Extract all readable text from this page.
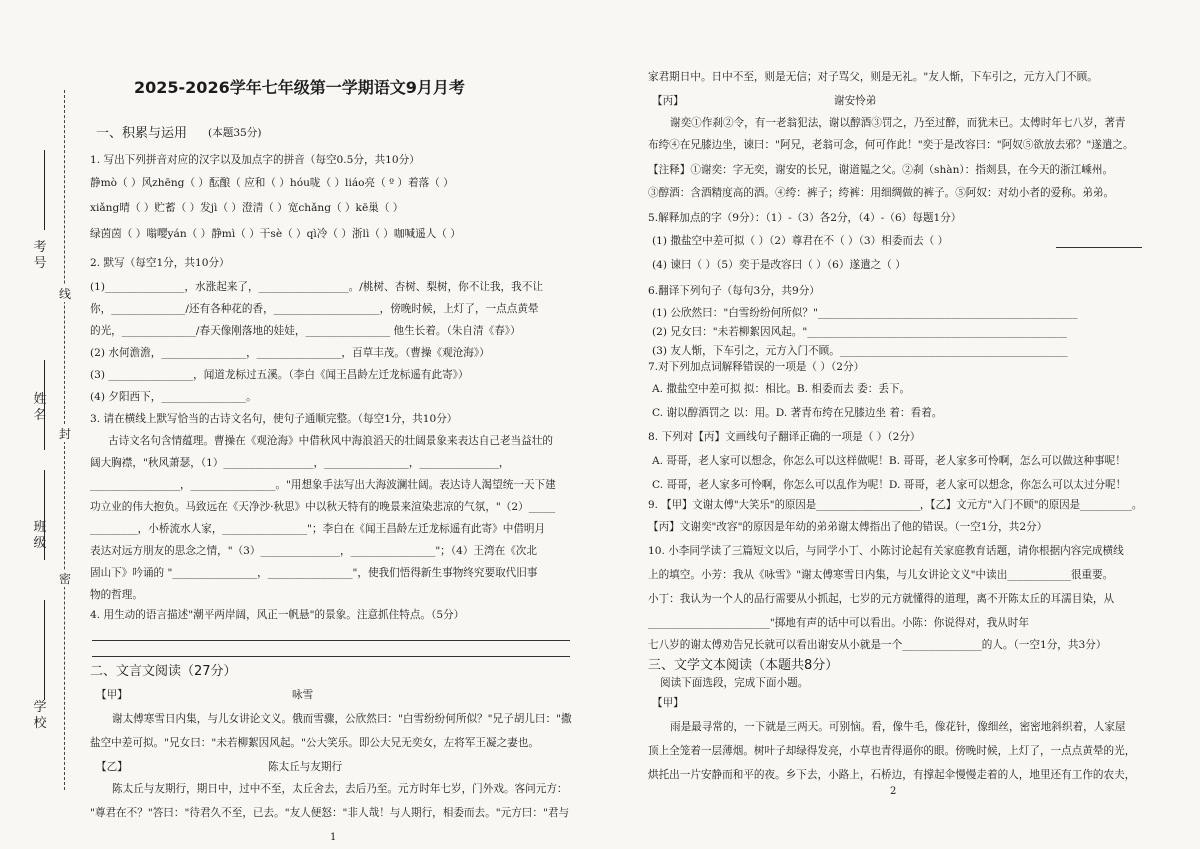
考号
姓名
班级
学校
线
封
密
2025-2026学年七年级第一学期语文9月月考
一、积累与运用 (本题35分)
1. 写出下列拼音对应的汉字以及加点字的拼音（每空0.5分，共10分）
静mò（ ）风zhēng（ ）酝酿（ 应和（ ）hóu咙（ ）liáo亮（ º ）着落（ ）
xiǎng晴（ ）贮蓄（ ）发jì（ ）澄清（ ）宽chǎng（ ）kē巢（ ）
绿茵茵（ ）嗡嘤yán（ ）静mì（ ）干sè（ ）qì冷（ ）浙lì（ ）咖喊遥人（ ）
2. 默写（每空1分，共10分）
(1)_______________，水涨起来了，_________________。/桃树、杏树、梨树，你不让我，我不让
你，______________/还有各种花的香，____________________，傍晚时候，上灯了，一点点黄晕
的光，______________/春天像刚落地的娃娃，________________ 他生长着。（朱自清《春》）
(2) 水何澹澹，________________，________________，百草丰茂。（曹操《观沧海》）
(3) ________________，闻道龙标过五溪。（李白《闻王昌龄左迁龙标遥有此寄》）
(4) 夕阳西下，________________。
3. 请在横线上默写恰当的古诗文名句，使句子通顺完整。（每空1分，共10分）
古诗文名句含情蕴理。曹操在《观沧海》中借秋风中海浪滔天的壮阔景象来表达自己老当益壮的
阔大胸襟，"秋风萧瑟，（1）_________________，________________，_______________，
_________________，________________。"用想象手法写出大海波澜壮阔。表达诗人渴望统一天下建
功立业的伟大抱负。马致远在《天净沙·秋思》中以秋天特有的晚景来渲染悲凉的气氛，"（2）_____
_________，小桥流水人家，________________"；李白在《闻王昌龄左迁龙标遥有此寄》中借明月
表达对远方朋友的思念之情，"（3）_______________，________________"；（4）王湾在《次北
固山下》吟诵的 "________________，________________"，使我们悟得新生事物终究要取代旧事
物的哲理。
4. 用生动的语言描述"潮平两岸阔，风正一帆悬"的景象。注意抓住特点。（5分）
二、文言文阅读（27分）
【甲】	咏雪
谢太傅寒雪日内集，与儿女讲论文义。俄而雪骤，公欣然曰："白雪纷纷何所似？"兄子胡儿曰："撒
盐空中差可拟。"兄女曰："未若柳絮因风起。"公大笑乐。即公大兄无奕女，左将军王凝之妻也。
【乙】	陈太丘与友期行
陈太丘与友期行，期日中，过中不至，太丘舍去，去后乃至。元方时年七岁，门外戏。客问元方：
"尊君在不？"答曰："待君久不至，已去。"友人便怒："非人哉！与人期行，相委而去。"元方曰："君与
1
家君期日中。日中不至，则是无信；对子骂父，则是无礼。"友人惭，下车引之，元方入门不顾。
【丙】	谢安怜弟
谢奕①作刹②令，有一老翁犯法，谢以醇酒③罚之，乃至过醉，而犹未已。太傅时年七八岁，著青
布绔④在兄膝边坐，谏曰："阿兄，老翁可念，何可作此！"奕于是改容曰："阿奴⑤欲放去邪？"遂遣之。
【注释】①谢奕：字无奕，谢安的长兄，谢道韫之父。②刹（shàn）：指剡县，在今天的浙江嵊州。
③醇酒：含酒精度高的酒。④绔：裤子；绔裤：用细绸做的裤子。⑤阿奴：对幼小者的爱称。弟弟。
5.解释加点的字（9分）：（1）-（3）各2分，（4）-（6）每题1分）
(1) 撒盐空中差可拟（ ）（2）尊君在不（ ）（3）相委而去（ ）
(4) 谏曰（ ）（5）奕于是改容曰（ ）（6）遂遣之（ ）
6.翻译下列句子（每句3分，共9分）
(1) 公欣然曰："白雪纷纷何所似？"_________________________________________________
(2) 兄女曰："未若柳絮因风起。"_________________________________________________
(3) 友人惭，下车引之，元方入门不顾。___________________________________________
7.对下列加点词解释错误的一项是（ ）（2分）
A. 撒盐空中差可拟 拟：相比。B. 相委而去 委：丢下。
C. 谢以醇酒罚之 以：用。D. 著青布绔在兄膝边坐 着：看着。
8. 下列对【丙】文画线句子翻译正确的一项是（ ）（2分）
A. 哥哥，老人家可以想念，你怎么可以这样做呢！B. 哥哥，老人家多可怜啊，怎么可以做这种事呢！
C. 哥哥，老人家多可怜啊，你怎么可以乱作为呢！D. 哥哥，老人家可以想念，你怎么可以太过分呢！
9. 【甲】文谢太傅"大笑乐"的原因是____________________，【乙】文元方"入门不顾"的原因是__________。
【丙】文谢奕"改容"的原因是年幼的弟弟谢太傅指出了他的错误。（一空1分，共2分）
10. 小李同学读了三篇短文以后，与同学小丁、小陈讨论起有关家庭教育话题，请你根据内容完成横线
上的填空。小芳：我从《咏雪》"谢太傅寒雪日内集，与儿女讲论文义"中读出____________很重要。
小丁：我认为一个人的品行需要从小抓起，七岁的元方就懂得的道理，离不开陈太丘的耳濡目染，从
_______________________"掷地有声的话中可以看出。小陈：你说得对，我从时年
七八岁的谢太傅劝告兄长就可以看出谢安从小就是一个_______________的人。（一空1分，共3分）
三、文学文本阅读（本题共8分）
阅读下面选段，完成下面小题。
【甲】
雨是最寻常的，一下就是三两天。可别恼。看，像牛毛，像花针，像细丝，密密地斜织着，人家屋
顶上全笼着一层薄烟。树叶子却绿得发亮，小草也青得逼你的眼。傍晚时候，上灯了，一点点黄晕的光，
烘托出一片安静而和平的夜。乡下去，小路上，石桥边，有撑起伞慢慢走着的人，地里还有工作的农夫，
2
